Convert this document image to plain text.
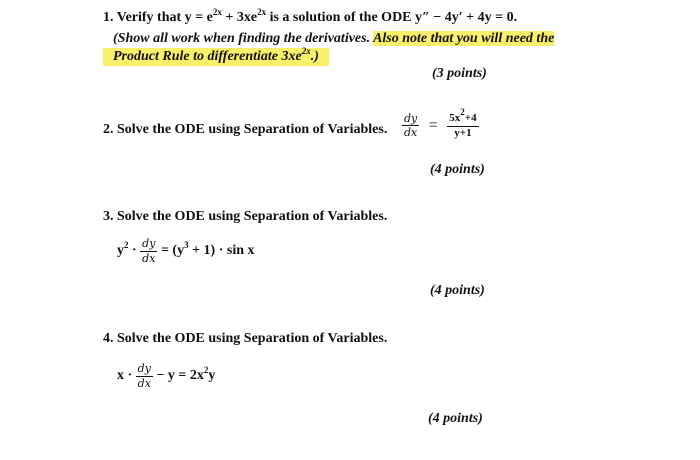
1. Verify that $y = e^{2x} + 3xe^{2x}$ is a solution of the ODE y″ − 4y′ + 4y = 0.
(Show all work when finding the derivatives. Also note that you will need the
Product Rule to differentiate $3xe^{2x}$.)
(3 points)
2. Solve the ODE using Separation of Variables. $\frac{dy}{dx} = \frac{5x^2+4}{y+1}$
(4 points)
3. Solve the ODE using Separation of Variables.
$y^2 \cdot \frac{dy}{dx} = (y^3 + 1) \cdot \sin x$
(4 points)
4. Solve the ODE using Separation of Variables.
$x \cdot \frac{dy}{dx} - y = 2x^2y$
(4 points)
